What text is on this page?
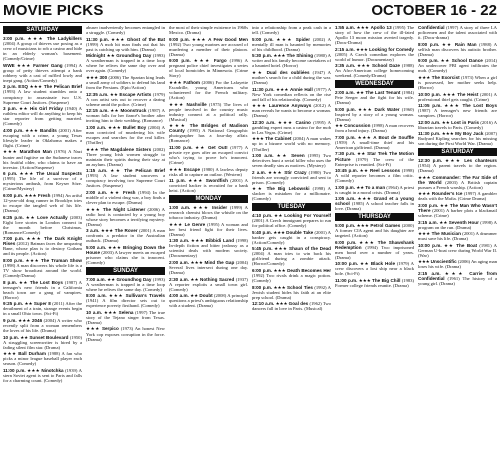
MOVIE PICKS	OCTOBER 16 - 22
SATURDAY
3:00 p.m. ★★★ The Ladykillers (2004) A group of thieves use posing as a crew of musicians to rob a casino and hide in an elderly woman's basement. (Comedy/Crime)
WWE ★★★ Farmer Gang (1994) A group of petty thieves attempt a bank robbery with a cast of ruffled lowly and inept gang. (Action/Comedy)
3 p.m. ESQ ★★★ The Pelican Brief (1993) A law student stumbles onto a conspiracy to assassinate two U.S. Supreme Court Justices. (Suspense)
3 p.m. ★★ His Girl Friday (1940) A ruthless editor will do anything to keep his star reporter from getting married. (Comedy)
4:00 p.m. ★★★ Bandits (2001) After escaping with a crime, a young Texas lifestyle leader in Oklahoma makes a flight. (Crime)
★★★ Marathon Man (1976) A Nazi hunter and fugitive on the Sudanese traces his fruitful older, who claims to have an investor. (Action/Suspense)
6 p.m. ★★★ The Usual Suspects (1995) The life of a survivor of a mysterious ambush, from Keyser Söze. (Crime/Mystery)
6:00 p.m. ★★★ Fresh (1994) An artful 12-year-old drug runner in Brooklyn tries to escape the tangled web of his life. (Drama)
6:25 p.m. ★★ Love Actually (2003) Eight love stories in London connect in the month before Christmas. (Romance/Comedy)
7:00 p.m. ★★★ The Dark Knight Rises (2012) Batman faces the unsparing Bane, whose plan is to destroy Gotham and its people. (Action)
8:00 p.m. ★★★ The Truman Show (1998) A man discovers his whole life is a TV show broadcast around the world. (Comedy/Drama)
8 p.m. ★★ The Lost Boys (1987) A teenager's new friends in a California beach town are a gang of vampires. (Horror)
9:25 p.m. ★★ Super 8 (2011) After the derailment of a train, strange events begin in a small Ohio town. (Sci-Fi)
9 p.m. ★★★ 2046 (2004) A writer who recently split from a woman remembers the loves of his life. (Drama)
10 p.m. ★★ Sunset Boulevard (1950) A struggling screenwriter is hired by a fading silent film star. (Drama)
★★★ Ball Durham (1988) A fan who picks a minor league baseball player each season. (Comedy)
11:00 p.m. ★★★ Ninotchka (1939) A stern Soviet agent is sent to Paris and falls for a charming count. (Comedy)
abuser inadvertently becomes entangled in a struggle. (Comedy)
11:30 p.m. ★★★ Ghost of the Bat (1999) A mob hit man finds out that his past is catching up with him. (Drama)
Midnight ★★ Groundhog Day (1993) A weatherman is trapped in a time loop where he relives the same day over and over again. (Comedy)
★★★ 300 (2006) The Spartan king leads a small army of soldiers to defend his land from the Persians. (Epic/Action)
12:35 a.m. ★★ Escape Artists (1979) A con artist sets out to recover a daring scheme amid the police. (Crime)
12:15 a.m. ★★ Moonstruck (1987) A woman falls for her fiancé's brother after inviting him to their wedding. (Romance)
1:00 a.m. ★★★ Bullet Boy (2004) A man convicted of murdering his wife escapes and searches for the real killer. (Thriller)
★★★ The Magdalene Sisters (2002) Three young Irish women struggle to maintain their spirits during their stay at an asylum. (Drama)
1:15 a.m. ★★ The Pelican Brief (1993) A law student uncovers a conspiracy involving two Supreme Court Justices. (Suspense)
2:00 a.m. ★★ Fresh (1994) In the middle of a violent drug war, a boy finds a clever plan to escape. (Drama)
★★★ The Night Listener (2006) A radio host is contacted by a young boy whose story becomes a terrifying mystery. (Drama)
3 a.m. ★★★ The Rover (2001) A man confronts a predator in the Australian outback. (Drama)
5:00 a.m. ★★★ Bringing Down the House (2003) A lawyer meets an escaped prisoner who claims she is innocent. (Comedy)
SUNDAY
7:00 a.m. ★★ Groundhog Day (1993) A weatherman is trapped in a time loop where he relives the same day. (Comedy)
8:00 a.m. ★★★ Sullivan's Travels (1941) A film director sets out to experience poverty firsthand. (Comedy)
10 a.m. ★★★ Selena (1997) The true story of the Tejano singer from Texas. (Drama)
★★★ Serpico (1973) An honest New York cop exposes corruption in the force. (Drama)
the most of their simple existence in 1960s Mexico. (Drama)
9:00 p.m. ★★★ A Few Good Men (1992) Two young marines are accused of murdering a member of their platoon. (Drama)
9:00 p.m. ★★★ Fargo (1996) A pregnant police chief investigates a series of local homicides in Minnesota. (Crime Story)
★★★ Fathom (2006) For the Lafayette Escadrille, young Americans who volunteered for the French military. (Action)
★★★ Nashville (1975) The lives of people involved in the country music industry connect at a political rally. (Musical)
★★★ The Bridges of Madison County (1995) A National Geographic photographer has a four-day affair. (Romance)
11:00 p.m. ★★ Get Out! (1977) A private eye goes after an escaped convict who's trying to prove he's innocent. (Crime)
★★★ Escape (1980) A lawless deputy risks all to capture an outlaw. (Western)
11 p.m. ★★★ Swordfish (2001) A convicted hacker is recruited for a bank heist. (Action)
MONDAY
1:00 a.m. ★★★ Insider (1999) A research chemist blows the whistle on the tobacco industry. (Drama)
★★★ Le Genre (1995) A woman and her best friend fight for their lives. (Drama)
1:30 a.m. ★★★ Bibbidi Land (1998) In-depth fiction and bitter jealousy as a scientist deals with modern society. (Documentary)
2:00 a.m. ★★★ Mind the Gap (2004) Several lives intersect during one day. (Drama)
2:30 a.m. ★★ Nothing Sacred (1937) A reporter exploits a small town girl. (Comedy)
4:00 a.m. ★★ Doubt (2008) A principal questions a priest's ambiguous relationship with a student. (Drama)
into a relationship from a peak cash in a tell. (Comedy)
5:00 p.m. ★★★ Spider (2002) A mentally ill man is haunted by memories of his childhood. (Drama)
5:30 p.m. ★★★ The Shining (1980) A writer and his family become caretakers of a haunted hotel. (Horror)
★★ Dual des oubliées (1947) A mother's search for a child during the war. (Drama)
11:30 p.m. ★★★ Annie Hall (1977) A New York comedian reflects on the rise and fall of his relationship. (Comedy)
★★★ Laurence Anyways (2012) A man reveals he wants to become a woman. (Drama)
12:30 a.m. ★★★ Casino (1995) A gambling expert runs a casino for the mob in Las Vegas. (Crime)
★★★ The Cabinet (2004) A man wakes up in a bizarre world with no memory. (Thriller)
1:00 a.m. ★★ Seven (1995) Two detectives hunt a serial killer who uses the seven deadly sins as motives. (Mystery)
2 a.m. ★★★ Stir Crazy (1980) Two friends are wrongly convicted and sent to prison. (Comedy)
★★ The Big Lebowski (1998) A slacker is mistaken for a millionaire. (Comedy)
TUESDAY
4:10 p.m. ★★ Looking For Yourself (2001) A Czech immigrant prepares to run for political office. (Comedy)
5:40 p.m. ★★★ Double Take (2001) A banker gets caught in a conspiracy. (Action/Comedy)
5:45 p.m. ★★★ Shaun of the Dead (2004) A man tries to win back his girlfriend during a zombie attack. (Horror/Comedy)
6:00 p.m. ★★★ Death Becomes Her (1992) Two rivals drink a magic potion. (Comedy)
8:00 p.m. ★★★ School Ties (1992) A Jewish student hides his faith at an elite prep school. (Drama)
12:10 a.m. ★★★ Goal des (1962) Two dancers fall in love in Paris. (Musical)
1:55 a.m. ★★★ Apollo 13 (1995) The story of how the crew of the ill-fated Apollo 13 moon mission averted tragedy. (Docu-Drama)
2:15 a.m. ★★★ Looking for Comedy (2005) A Czech comedian explores the world of humor. (Documentary)
3:35 a.m. ★★★ School Daze (1988) An Afro-American college homecoming weekend. (Comedy/Drama)
WEDNESDAY
2:00 a.m. ★★ The Last Tenant (1984) Pete Seeger and the fight for his wife. (Drama)
5:00 p.m. ★★★ Dark Water (1960) Inspired by a story of a young woman. (Drama)
★★ Concussion (1998) A man recovers from a head injury. (Drama)
7:00 p.m. ★★★ A Bout de Souffle (1959) A small-time thief and his American girlfriend. (Drama)
7:30 p.m. ★★ Star Trek The Motion Picture (1979) The crew of the Enterprise is reunited. (Sci-Fi)
10:45 p.m. ★★ Reel Lessons (1998) A wild reporter becomes a film critic. (Comedy)
1:00 p.m. ★★ To a man (1964) A priest is caught in a moral crisis. (Drama)
1:05 a.m. ★★★ Grand et a young school (1985) A school teacher falls in love. (Drama)
THURSDAY
5:00 p.m. ★★★ Petrol Games (2000) A former CIA agent and his daughter are targeted. (Action)
6:00 p.m. ★★★ The Shawshank Redemption (1994) Two imprisoned men bond over a number of years. (Drama)
10:00 p.m. ★★ Black Hole (1979) A crew discovers a lost ship near a black hole. (Sci-Fi)
11:00 p.m. ★★★ The Big Chill (1983) Former college friends reunite. (Drama)
Confidential (1997) A story of three LA policemen and the talent associated with it. (Docu-drama)
8:00 p.m. ★★ Rain Man (1988) A selfish man discovers his autistic brother. (Drama)
9:00 p.m. ★★ School Dance (2014) An undercover FBI agent infiltrates the mob. (Comedy)
★★★ The Exorcist (1973) When a girl is possessed, her mother seeks help. (Horror)
10:00 p.m. ★★★ The Heist (2001) A professional thief gets caught. (Crime)
11:05 p.m. ★★★ The Lost Boys (1987) A teenager's new friends are vampires. (Horror)
12:00 a.m. ★★ Lost in Paris (2016) A librarian travels to Paris. (Comedy)
11:30 p.m. ★★★ My Boy Jack (2007) Rudyard Kipling searches for his missing son during the First World War. (Drama)
SATURDAY
12:30 p.m. ★★★ Les chanteurs (1954) A parent travels to the region. (Drama)
★★★ Commander: The Far Side of the World (2003) A British captain pursues a French warship. (Action)
★★★ Rounder's Ice (1997) A gambler deals with the Mafia. (Crime Drama)
3:00 p.m. ★★ The Man Who Wasn't There (2001) A barber plots a blackmail scheme. (Crime)
3:15 a.m. ★★ Seventh Hour (1998) A program on the run. (Drama)
★★★ The Musician (2001) A drummer must save his life. (Drama)
10:00 p.m. ★★ The Boat (1981) A German U-boat crew during World War II. (War)
★★★ Unscientific (2006) An aging man loses his wife. (Drama)
2:15 a.m. ★★★ Carrie from Confidential (1961) The history of a young girl. (Drama)
